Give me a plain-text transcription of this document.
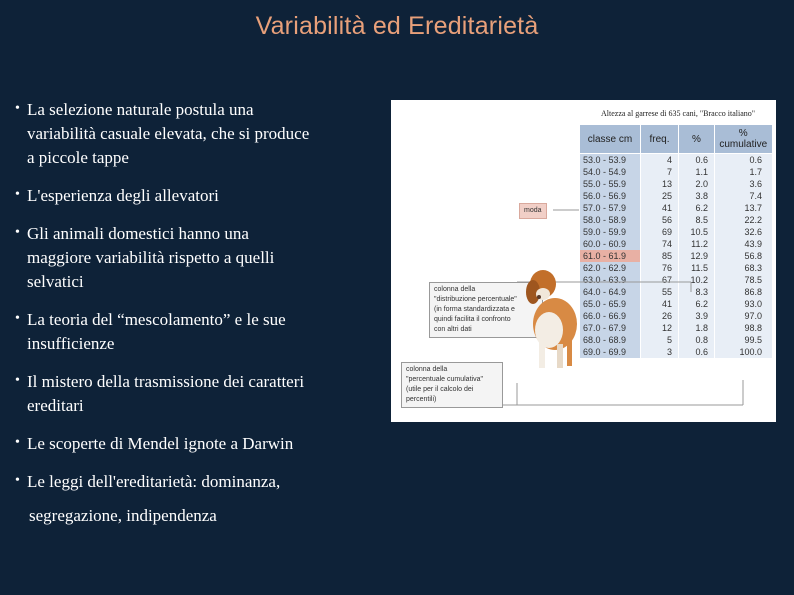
Variabilità ed Ereditarietà
• La selezione naturale postula una
variabilità casuale elevata, che si produce
a piccole tappe
• L'esperienza degli allevatori
• Gli animali domestici hanno una
maggiore variabilità rispetto a quelli
selvatici
• La teoria del “mescolamento” e le sue
insufficienze
• Il mistero della trasmissione dei caratteri
ereditari
• Le scoperte di Mendel ignote a Darwin
• Le leggi dell'ereditarietà: dominanza,
segregazione, indipendenza
Altezza al garrese di 635 cani, "Bracco italiano"
classe cm	freq.	%	% cumulative
53.0 - 53.9	4	0.6	0.6
54.0 - 54.9	7	1.1	1.7
55.0 - 55.9	13	2.0	3.6
56.0 - 56.9	25	3.8	7.4
57.0 - 57.9	41	6.2	13.7
58.0 - 58.9	56	8.5	22.2
59.0 - 59.9	69	10.5	32.6
60.0 - 60.9	74	11.2	43.9
61.0 - 61.9	85	12.9	56.8
62.0 - 62.9	76	11.5	68.3
63.0 - 63.9	67	10.2	78.5
64.0 - 64.9	55	8.3	86.8
65.0 - 65.9	41	6.2	93.0
66.0 - 66.9	26	3.9	97.0
67.0 - 67.9	12	1.8	98.8
68.0 - 68.9	5	0.8	99.5
69.0 - 69.9	3	0.6	100.0
moda
colonna della
"distribuzione percentuale"
(in forma standardizzata e
quindi facilita il confronto
con altri dati
colonna della
"percentuale cumulativa"
(utile per il calcolo dei
percentili)
